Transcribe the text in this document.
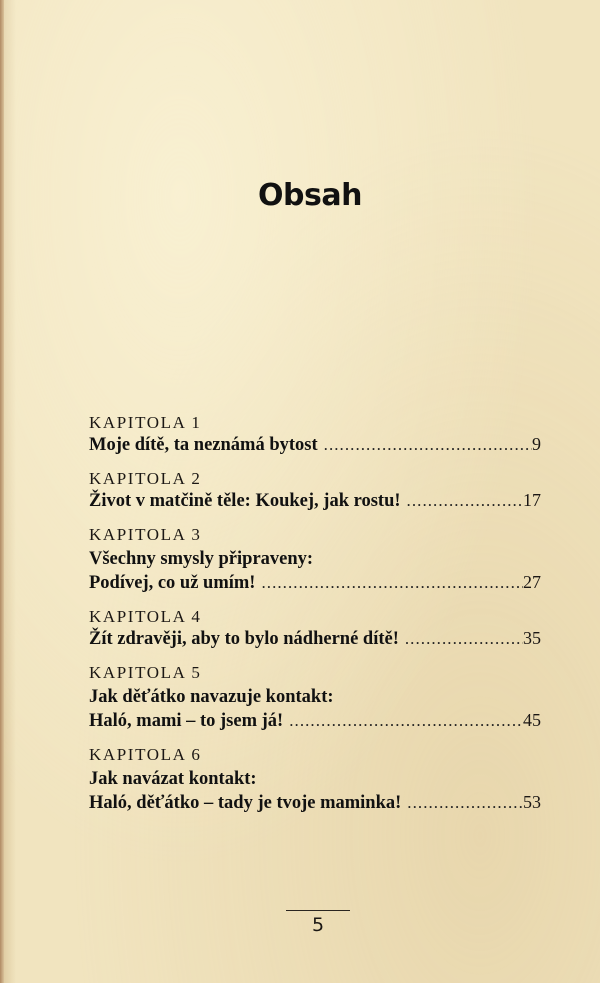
Obsah
KAPITOLA 1
Moje dítě, ta neznámá bytost . . .	9
KAPITOLA 2
Život v matčině těle: Koukej, jak rostu! . . .	17
KAPITOLA 3
Všechny smysly připraveny:
Podívej, co už umím! . . .	27
KAPITOLA 4
Žít zdravěji, aby to bylo nádherné dítě! . . .	35
KAPITOLA 5
Jak děťátko navazuje kontakt:
Haló, mami – to jsem já! . . .	45
KAPITOLA 6
Jak navázat kontakt:
Haló, děťátko – tady je tvoje maminka! . . .	53
5
